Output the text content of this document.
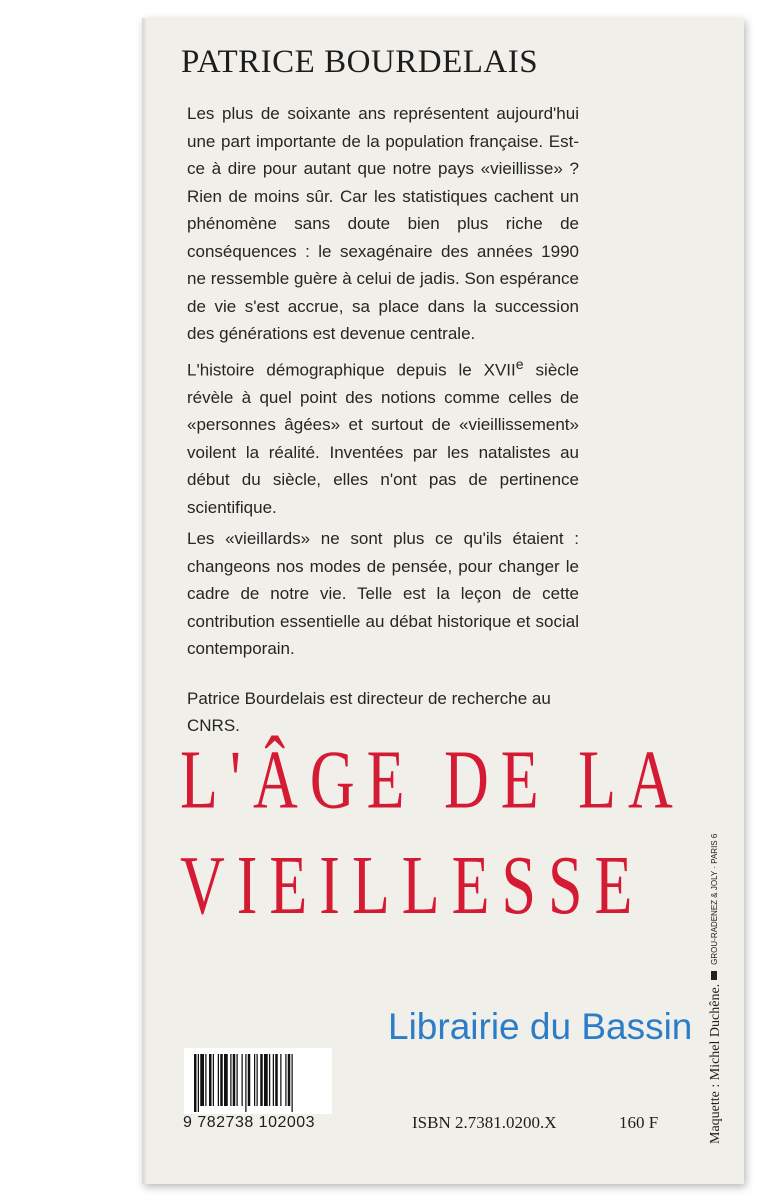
PATRICE BOURDELAIS

Les plus de soixante ans représentent aujourd'hui une part importante de la population française. Est-ce à dire pour autant que notre pays «vieillisse» ? Rien de moins sûr. Car les statistiques cachent un phénomène sans doute bien plus riche de conséquences : le sexagénaire des années 1990 ne ressemble guère à celui de jadis. Son espérance de vie s'est accrue, sa place dans la succession des générations est devenue centrale.

L'histoire démographique depuis le XVIIe siècle révèle à quel point des notions comme celles de «personnes âgées» et surtout de «vieillissement» voilent la réalité. Inventées par les natalistes au début du siècle, elles n'ont pas de pertinence scientifique.

Les «vieillards» ne sont plus ce qu'ils étaient : changeons nos modes de pensée, pour changer le cadre de notre vie. Telle est la leçon de cette contribution essentielle au débat historique et social contemporain.

Patrice Bourdelais est directeur de recherche au CNRS.

L'ÂGE DE LA
VIEILLESSE
Librairie du Bassin
9 782738 102003	ISBN 2.7381.0200.X	160 F	Maquette : Michel Duchêne.GROU-RADENEZ & JOLY · PARIS 6
